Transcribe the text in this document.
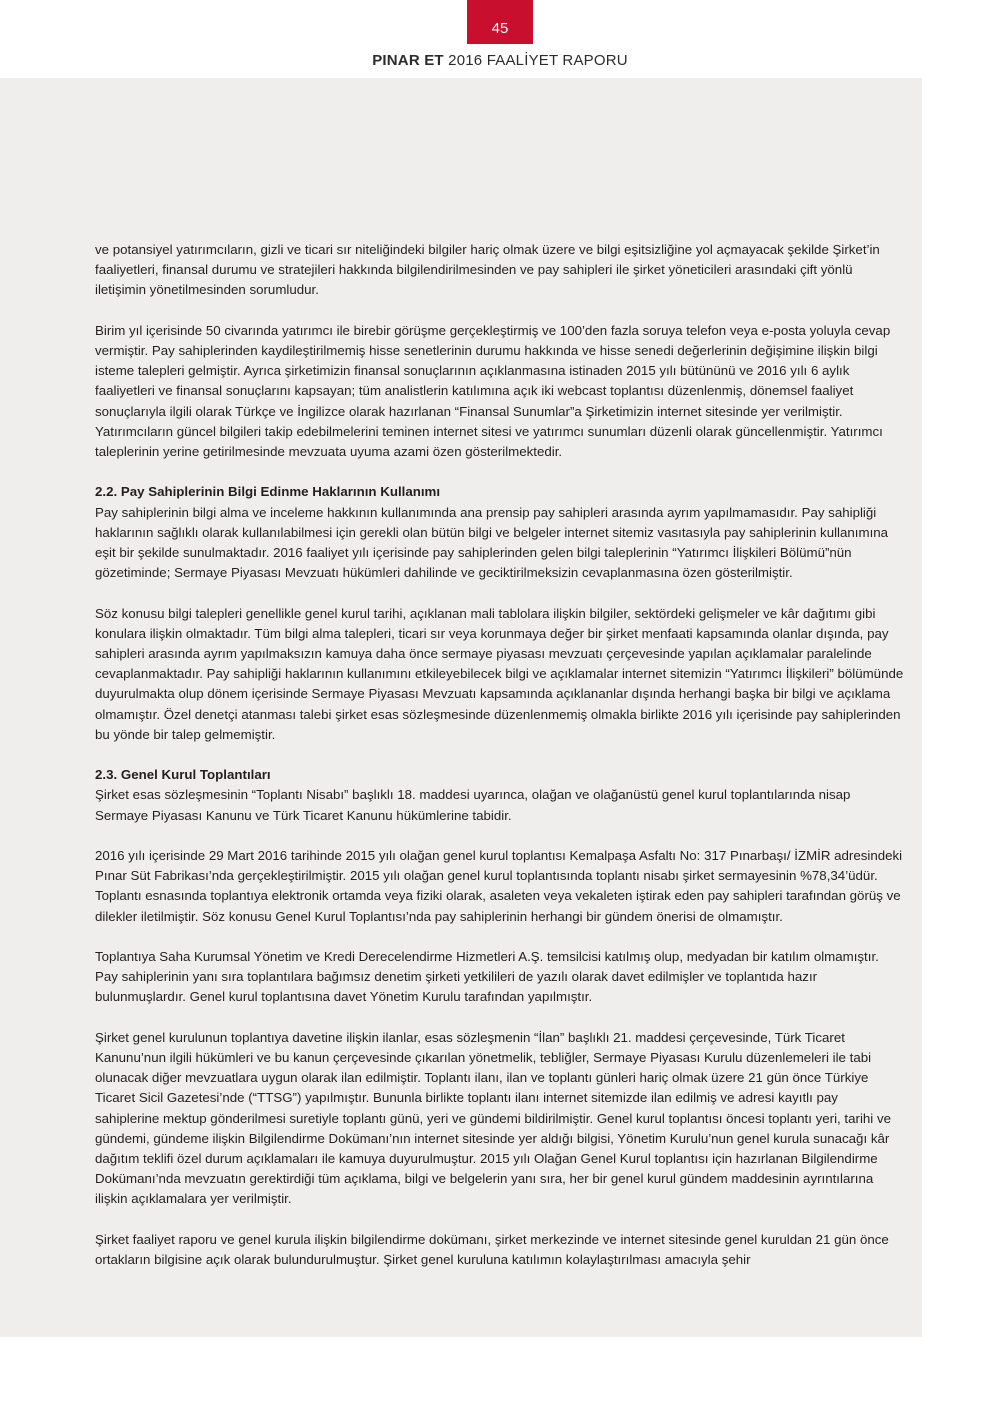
45
PINAR ET 2016 FAALİYET RAPORU

ve potansiyel yatırımcıların, gizli ve ticari sır niteliğindeki bilgiler hariç olmak üzere ve bilgi eşitsizliğine yol açmayacak şekilde Şirket’in faaliyetleri, finansal durumu ve stratejileri hakkında bilgilendirilmesinden ve pay sahipleri ile şirket yöneticileri arasındaki çift yönlü iletişimin yönetilmesinden sorumludur.

Birim yıl içerisinde 50 civarında yatırımcı ile birebir görüşme gerçekleştirmiş ve 100’den fazla soruya telefon veya e-posta yoluyla cevap vermiştir. Pay sahiplerinden kaydileştirilmemiş hisse senetlerinin durumu hakkında ve hisse senedi değerlerinin değişimine ilişkin bilgi isteme talepleri gelmiştir. Ayrıca şirketimizin finansal sonuçlarının açıklanmasına istinaden 2015 yılı bütününü ve 2016 yılı 6 aylık faaliyetleri ve finansal sonuçlarını kapsayan; tüm analistlerin katılımına açık iki webcast toplantısı düzenlenmiş, dönemsel faaliyet sonuçlarıyla ilgili olarak Türkçe ve İngilizce olarak hazırlanan “Finansal Sunumlar”a Şirketimizin internet sitesinde yer verilmiştir. Yatırımcıların güncel bilgileri takip edebilmelerini teminen internet sitesi ve yatırımcı sunumları düzenli olarak güncellenmiştir. Yatırımcı taleplerinin yerine getirilmesinde mevzuata uyuma azami özen gösterilmektedir.

2.2. Pay Sahiplerinin Bilgi Edinme Haklarının Kullanımı

Pay sahiplerinin bilgi alma ve inceleme hakkının kullanımında ana prensip pay sahipleri arasında ayrım yapılmamasıdır. Pay sahipliği haklarının sağlıklı olarak kullanılabilmesi için gerekli olan bütün bilgi ve belgeler internet sitemiz vasıtasıyla pay sahiplerinin kullanımına eşit bir şekilde sunulmaktadır. 2016 faaliyet yılı içerisinde pay sahiplerinden gelen bilgi taleplerinin “Yatırımcı İlişkileri Bölümü”nün gözetiminde; Sermaye Piyasası Mevzuatı hükümleri dahilinde ve geciktirilmeksizin cevaplanmasına özen gösterilmiştir.

Söz konusu bilgi talepleri genellikle genel kurul tarihi, açıklanan mali tablolara ilişkin bilgiler, sektördeki gelişmeler ve kâr dağıtımı gibi konulara ilişkin olmaktadır. Tüm bilgi alma talepleri, ticari sır veya korunmaya değer bir şirket menfaati kapsamında olanlar dışında, pay sahipleri arasında ayrım yapılmaksızın kamuya daha önce sermaye piyasası mevzuatı çerçevesinde yapılan açıklamalar paralelinde cevaplanmaktadır. Pay sahipliği haklarının kullanımını etkileyebilecek bilgi ve açıklamalar internet sitemizin “Yatırımcı İlişkileri” bölümünde duyurulmakta olup dönem içerisinde Sermaye Piyasası Mevzuatı kapsamında açıklananlar dışında herhangi başka bir bilgi ve açıklama olmamıştır. Özel denetçi atanması talebi şirket esas sözleşmesinde düzenlenmemiş olmakla birlikte 2016 yılı içerisinde pay sahiplerinden bu yönde bir talep gelmemiştir.

2.3. Genel Kurul Toplantıları

Şirket esas sözleşmesinin “Toplantı Nisabı” başlıklı 18. maddesi uyarınca, olağan ve olağanüstü genel kurul toplantılarında nisap Sermaye Piyasası Kanunu ve Türk Ticaret Kanunu hükümlerine tabidir.

2016 yılı içerisinde 29 Mart 2016 tarihinde 2015 yılı olağan genel kurul toplantısı Kemalpaşa Asfaltı No: 317 Pınarbaşı/ İZMİR adresindeki Pınar Süt Fabrikası’nda gerçekleştirilmiştir. 2015 yılı olağan genel kurul toplantısında toplantı nisabı şirket sermayesinin %78,34’üdür. Toplantı esnasında toplantıya elektronik ortamda veya fiziki olarak, asaleten veya vekaleten iştirak eden pay sahipleri tarafından görüş ve dilekler iletilmiştir. Söz konusu Genel Kurul Toplantısı’nda pay sahiplerinin herhangi bir gündem önerisi de olmamıştır.

Toplantıya Saha Kurumsal Yönetim ve Kredi Derecelendirme Hizmetleri A.Ş. temsilcisi katılmış olup, medyadan bir katılım olmamıştır. Pay sahiplerinin yanı sıra toplantılara bağımsız denetim şirketi yetkilileri de yazılı olarak davet edilmişler ve toplantıda hazır bulunmuşlardır. Genel kurul toplantısına davet Yönetim Kurulu tarafından yapılmıştır.

Şirket genel kurulunun toplantıya davetine ilişkin ilanlar, esas sözleşmenin “İlan” başlıklı 21. maddesi çerçevesinde, Türk Ticaret Kanunu’nun ilgili hükümleri ve bu kanun çerçevesinde çıkarılan yönetmelik, tebliğler, Sermaye Piyasası Kurulu düzenlemeleri ile tabi olunacak diğer mevzuatlara uygun olarak ilan edilmiştir. Toplantı ilanı, ilan ve toplantı günleri hariç olmak üzere 21 gün önce Türkiye Ticaret Sicil Gazetesi’nde (“TTSG”) yapılmıştır. Bununla birlikte toplantı ilanı internet sitemizde ilan edilmiş ve adresi kayıtlı pay sahiplerine mektup gönderilmesi suretiyle toplantı günü, yeri ve gündemi bildirilmiştir. Genel kurul toplantısı öncesi toplantı yeri, tarihi ve gündemi, gündeme ilişkin Bilgilendirme Dokümanı’nın internet sitesinde yer aldığı bilgisi, Yönetim Kurulu’nun genel kurula sunacağı kâr dağıtım teklifi özel durum açıklamaları ile kamuya duyurulmuştur. 2015 yılı Olağan Genel Kurul toplantısı için hazırlanan Bilgilendirme Dokümanı’nda mevzuatın gerektirdiği tüm açıklama, bilgi ve belgelerin yanı sıra, her bir genel kurul gündem maddesinin ayrıntılarına ilişkin açıklamalara yer verilmiştir.

Şirket faaliyet raporu ve genel kurula ilişkin bilgilendirme dokümanı, şirket merkezinde ve internet sitesinde genel kuruldan 21 gün önce ortakların bilgisine açık olarak bulundurulmuştur. Şirket genel kuruluna katılımın kolaylaştırılması amacıyla şehir
